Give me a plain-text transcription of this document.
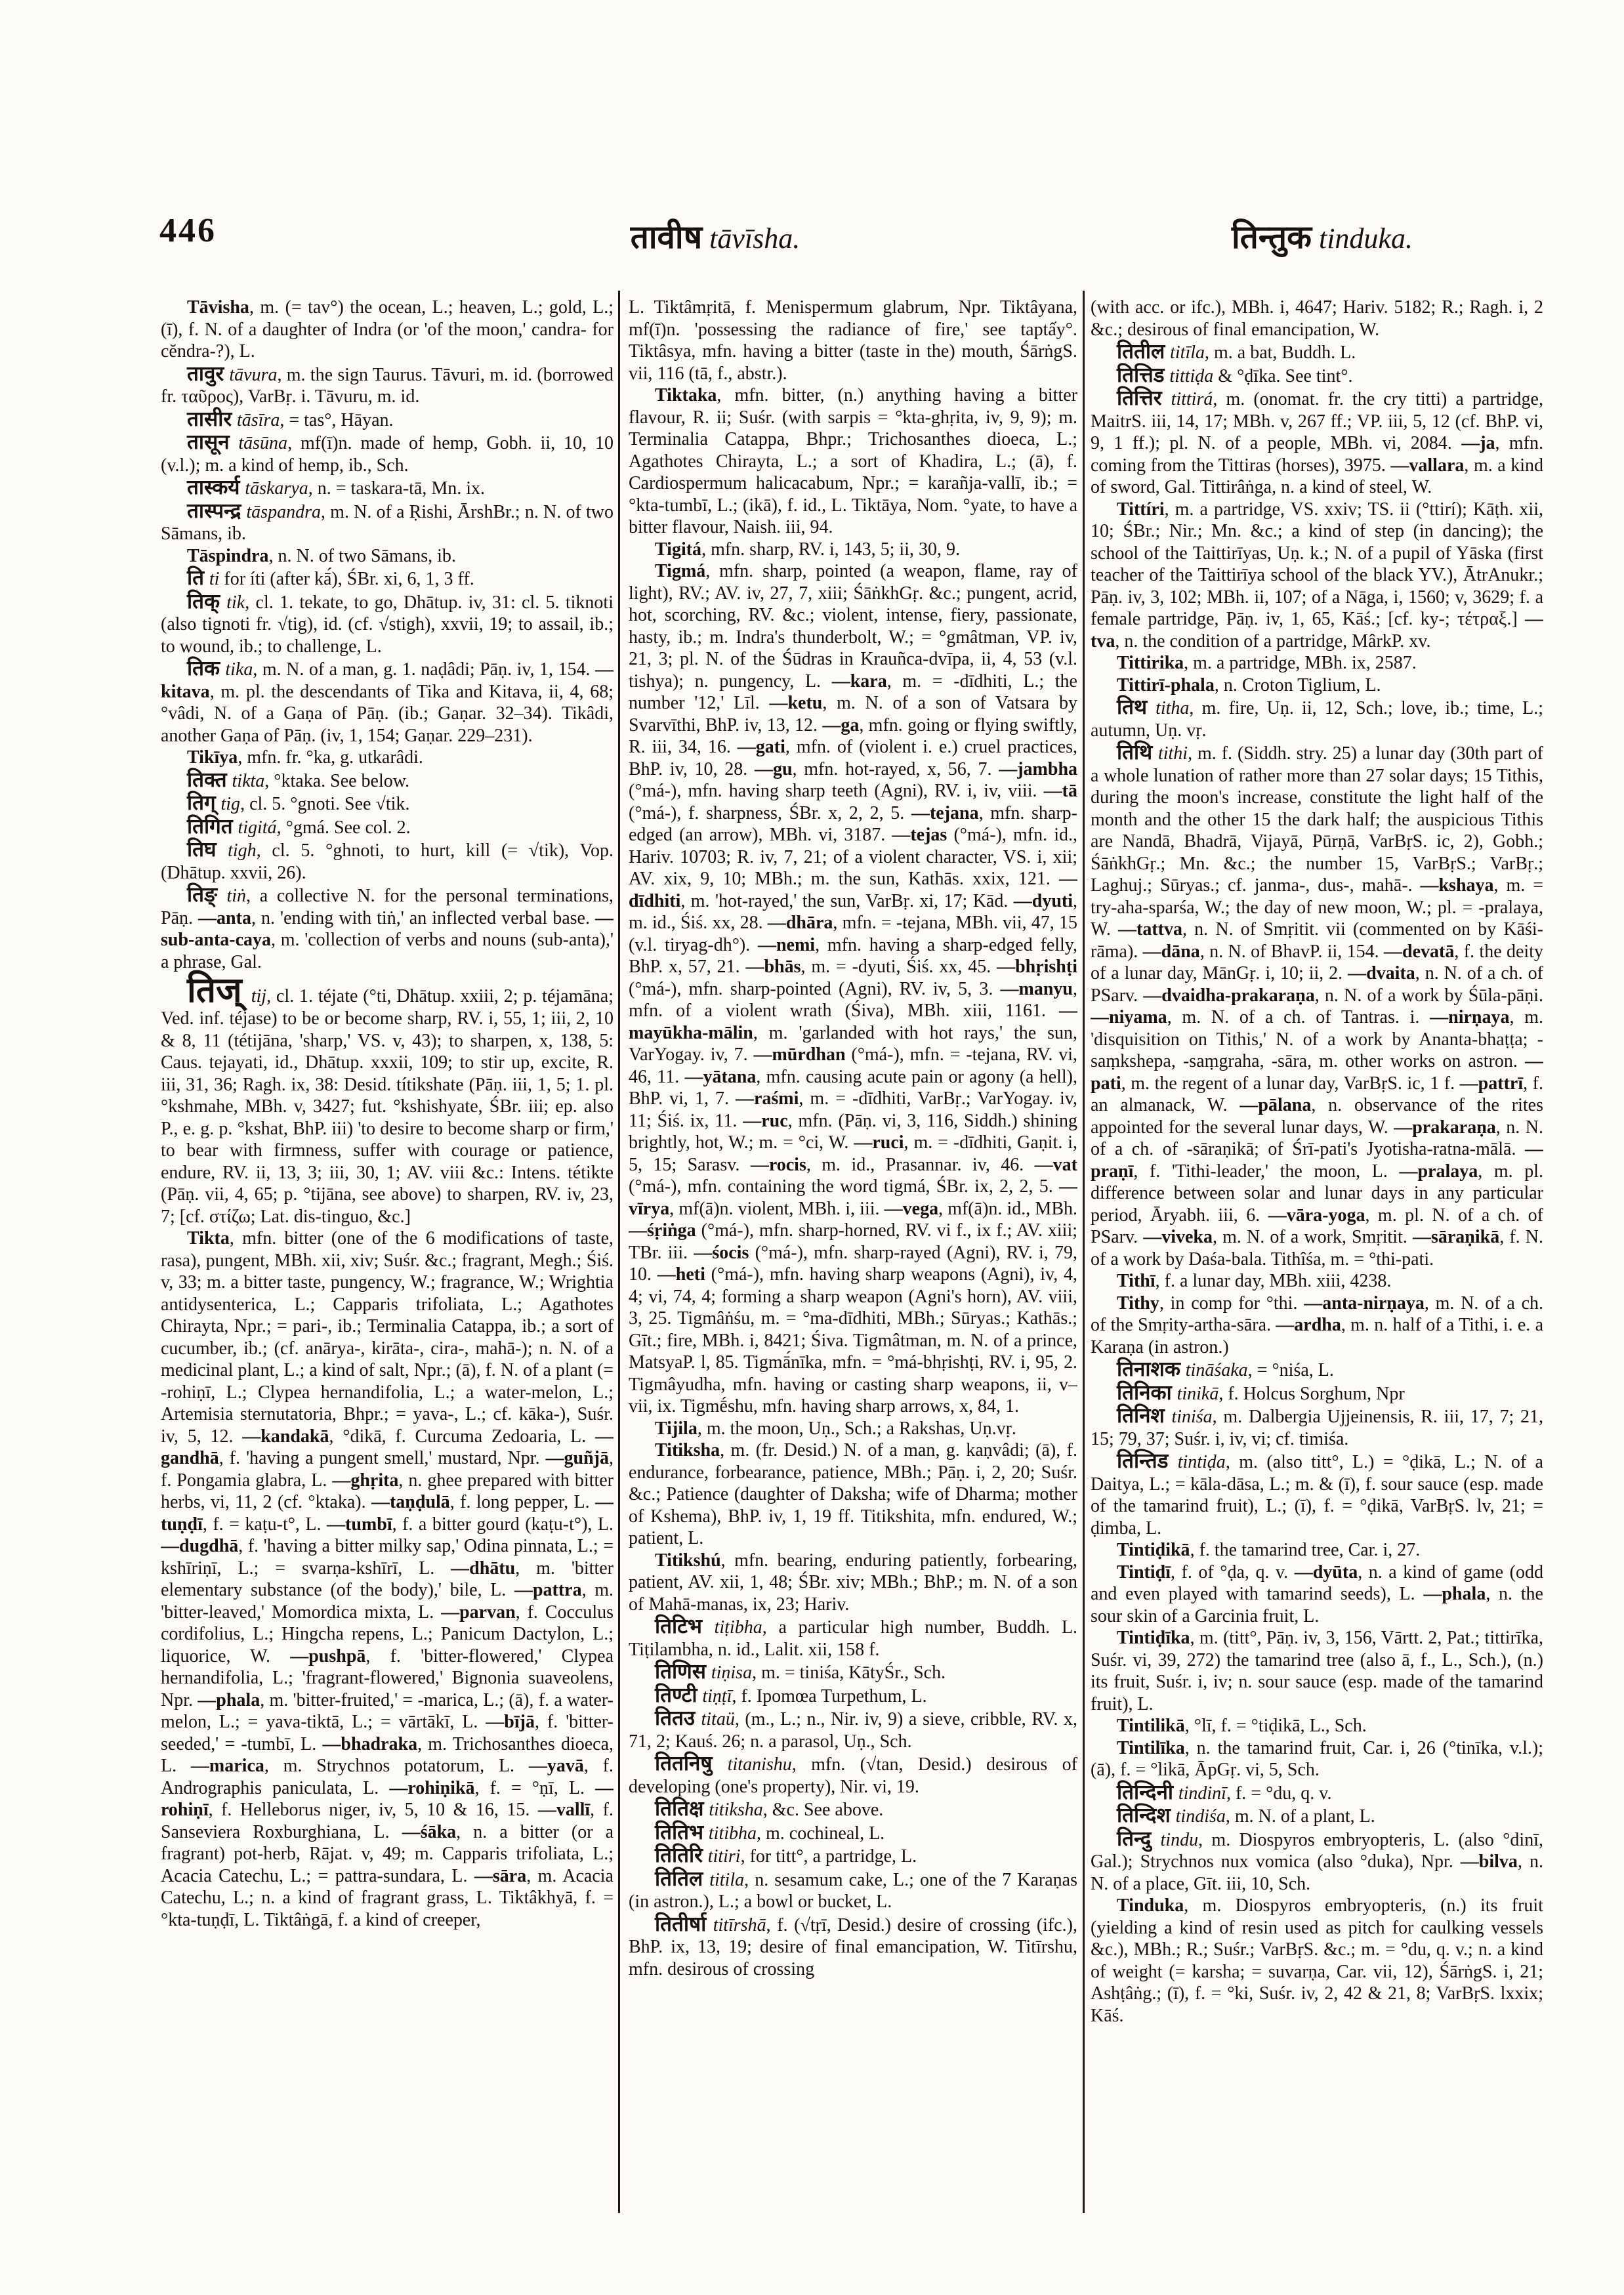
446	तावीष tāvīsha.	तिन्तुक tinduka.

Tāvisha, m. (= tav°) the ocean, L.; heaven, L.; gold, L.; (ī), f. N. of a daughter of Indra (or 'of the moon,' candra- for cĕndra-?), L.

तावुर tāvura, m. the sign Taurus. Tāvuri, m. id. (borrowed fr. ταῦρος), VarBṛ. i. Tāvuru, m. id.

तासीर tāsīra, = tas°, Hāyan.

तासून tāsūna, mf(ī)n. made of hemp, Gobh. ii, 10, 10 (v.l.); m. a kind of hemp, ib., Sch.

तास्कर्य tāskarya, n. = taskara-tā, Mn. ix.

तास्पन्द्र tāspandra, m. N. of a Ṛishi, ĀrshBr.; n. N. of two Sāmans, ib.

Tāspindra, n. N. of two Sāmans, ib.

ति ti for íti (after kā́), ŚBr. xi, 6, 1, 3 ff.

तिक् tik, cl. 1. tekate, to go, Dhātup. iv, 31: cl. 5. tiknoti (also tignoti fr. √tig), id. (cf. √stigh), xxvii, 19; to assail, ib.; to wound, ib.; to challenge, L.

तिक tika, m. N. of a man, g. 1. naḍâdi; Pāṇ. iv, 1, 154. —kitava, m. pl. the descendants of Tika and Kitava, ii, 4, 68; °vâdi, N. of a Gaṇa of Pāṇ. (ib.; Gaṇar. 32–34). Tikâdi, another Gaṇa of Pāṇ. (iv, 1, 154; Gaṇar. 229–231).

Tikīya, mfn. fr. °ka, g. utkarâdi.

तिक्त tikta, °ktaka. See below.

तिग् tig, cl. 5. °gnoti. See √tik.

तिगित tigitá, °gmá. See col. 2.

तिघ tigh, cl. 5. °ghnoti, to hurt, kill (= √tik), Vop. (Dhātup. xxvii, 26).

तिङ् tiṅ, a collective N. for the personal terminations, Pāṇ. —anta, n. 'ending with tiṅ,' an inflected verbal base. —sub-anta-caya, m. 'collection of verbs and nouns (sub-anta),' a phrase, Gal.

तिज् tij, cl. 1. téjate (°ti, Dhātup. xxiii, 2; p. téjamāna; Ved. inf. téjase) to be or become sharp, RV. i, 55, 1; iii, 2, 10 & 8, 11 (tétijāna, 'sharp,' VS. v, 43); to sharpen, x, 138, 5: Caus. tejayati, id., Dhātup. xxxii, 109; to stir up, excite, R. iii, 31, 36; Ragh. ix, 38: Desid. títikshate (Pāṇ. iii, 1, 5; 1. pl. °kshmahe, MBh. v, 3427; fut. °kshishyate, ŚBr. iii; ep. also P., e. g. p. °kshat, BhP. iii) 'to desire to become sharp or firm,' to bear with firmness, suffer with courage or patience, endure, RV. ii, 13, 3; iii, 30, 1; AV. viii &c.: Intens. tétikte (Pāṇ. vii, 4, 65; p. °tijāna, see above) to sharpen, RV. iv, 23, 7; [cf. στίζω; Lat. dis-tinguo, &c.]

Tikta, mfn. bitter (one of the 6 modifications of taste, rasa), pungent, MBh. xii, xiv; Suśr. &c.; fragrant, Megh.; Śiś. v, 33; m. a bitter taste, pungency, W.; fragrance, W.; Wrightia antidysenterica, L.; Capparis trifoliata, L.; Agathotes Chirayta, Npr.; = pari-, ib.; Terminalia Catappa, ib.; a sort of cucumber, ib.; (cf. anārya-, kirāta-, cira-, mahā-); n. N. of a medicinal plant, L.; a kind of salt, Npr.; (ā), f. N. of a plant (= -rohiṇī, L.; Clypea hernandifolia, L.; a water-melon, L.; Artemisia sternutatoria, Bhpr.; = yava-, L.; cf. kāka-), Suśr. iv, 5, 12. —kandakā, °dikā, f. Curcuma Zedoaria, L. —gandhā, f. 'having a pungent smell,' mustard, Npr. —guñjā, f. Pongamia glabra, L. —ghṛita, n. ghee prepared with bitter herbs, vi, 11, 2 (cf. °ktaka). —taṇḍulā, f. long pepper, L. —tuṇḍī, f. = kaṭu-t°, L. —tumbī, f. a bitter gourd (kaṭu-t°), L. —dugdhā, f. 'having a bitter milky sap,' Odina pinnata, L.; = kshīriṇī, L.; = svarṇa-kshīrī, L. —dhātu, m. 'bitter elementary substance (of the body),' bile, L. —pattra, m. 'bitter-leaved,' Momordica mixta, L. —parvan, f. Cocculus cordifolius, L.; Hingcha repens, L.; Panicum Dactylon, L.; liquorice, W. —pushpā, f. 'bitter-flowered,' Clypea hernandifolia, L.; 'fragrant-flowered,' Bignonia suaveolens, Npr. —phala, m. 'bitter-fruited,' = -marica, L.; (ā), f. a water-melon, L.; = yava-tiktā, L.; = vārtākī, L. —bījā, f. 'bitter-seeded,' = -tumbī, L. —bhadraka, m. Trichosanthes dioeca, L. —marica, m. Strychnos potatorum, L. —yavā, f. Andrographis paniculata, L. —rohiṇikā, f. = °ṇī, L. —rohiṇī, f. Helleborus niger, iv, 5, 10 & 16, 15. —vallī, f. Sanseviera Roxburghiana, L. —śāka, n. a bitter (or a fragrant) pot-herb, Rājat. v, 49; m. Capparis trifoliata, L.; Acacia Catechu, L.; = pattra-sundara, L. —sāra, m. Acacia Catechu, L.; n. a kind of fragrant grass, L. Tiktâkhyā, f. = °kta-tuṇḍī, L. Tiktâṅgā, f. a kind of creeper,

L. Tiktâmṛitā, f. Menispermum glabrum, Npr. Tiktâyana, mf(ī)n. 'possessing the radiance of fire,' see taptấy°. Tiktâsya, mfn. having a bitter (taste in the) mouth, ŚārṅgS. vii, 116 (tā, f., abstr.).

Tiktaka, mfn. bitter, (n.) anything having a bitter flavour, R. ii; Suśr. (with sarpis = °kta-ghṛita, iv, 9, 9); m. Terminalia Catappa, Bhpr.; Trichosanthes dioeca, L.; Agathotes Chirayta, L.; a sort of Khadira, L.; (ā), f. Cardiospermum halicacabum, Npr.; = karañja-vallī, ib.; = °kta-tumbī, L.; (ikā), f. id., L. Tiktāya, Nom. °yate, to have a bitter flavour, Naish. iii, 94.

Tigitá, mfn. sharp, RV. i, 143, 5; ii, 30, 9.

Tigmá, mfn. sharp, pointed (a weapon, flame, ray of light), RV.; AV. iv, 27, 7, xiii; ŚāṅkhGṛ. &c.; pungent, acrid, hot, scorching, RV. &c.; violent, intense, fiery, passionate, hasty, ib.; m. Indra's thunderbolt, W.; = °gmâtman, VP. iv, 21, 3; pl. N. of the Śūdras in Krauñca-dvīpa, ii, 4, 53 (v.l. tishya); n. pungency, L. —kara, m. = -dīdhiti, L.; the number '12,' Līl. —ketu, m. N. of a son of Vatsara by Svarvīthi, BhP. iv, 13, 12. —ga, mfn. going or flying swiftly, R. iii, 34, 16. —gati, mfn. of (violent i. e.) cruel practices, BhP. iv, 10, 28. —gu, mfn. hot-rayed, x, 56, 7. —jambha (°má-), mfn. having sharp teeth (Agni), RV. i, iv, viii. —tā (°má-), f. sharpness, ŚBr. x, 2, 2, 5. —tejana, mfn. sharp-edged (an arrow), MBh. vi, 3187. —tejas (°má-), mfn. id., Hariv. 10703; R. iv, 7, 21; of a violent character, VS. i, xii; AV. xix, 9, 10; MBh.; m. the sun, Kathās. xxix, 121. —dīdhiti, m. 'hot-rayed,' the sun, VarBṛ. xi, 17; Kād. —dyuti, m. id., Śiś. xx, 28. —dhāra, mfn. = -tejana, MBh. vii, 47, 15 (v.l. tiryag-dh°). —nemi, mfn. having a sharp-edged felly, BhP. x, 57, 21. —bhās, m. = -dyuti, Śiś. xx, 45. —bhṛishṭi (°má-), mfn. sharp-pointed (Agni), RV. iv, 5, 3. —manyu, mfn. of a violent wrath (Śiva), MBh. xiii, 1161. —mayūkha-mālin, m. 'garlanded with hot rays,' the sun, VarYogay. iv, 7. —mūrdhan (°má-), mfn. = -tejana, RV. vi, 46, 11. —yātana, mfn. causing acute pain or agony (a hell), BhP. vi, 1, 7. —raśmi, m. = -dīdhiti, VarBṛ.; VarYogay. iv, 11; Śiś. ix, 11. —ruc, mfn. (Pāṇ. vi, 3, 116, Siddh.) shining brightly, hot, W.; m. = °ci, W. —ruci, m. = -dīdhiti, Gaṇit. i, 5, 15; Sarasv. —rocis, m. id., Prasannar. iv, 46. —vat (°má-), mfn. containing the word tigmá, ŚBr. ix, 2, 2, 5. —vīrya, mf(ā)n. violent, MBh. i, iii. —vega, mf(ā)n. id., MBh. —śṛiṅga (°má-), mfn. sharp-horned, RV. vi f., ix f.; AV. xiii; TBr. iii. —śocis (°má-), mfn. sharp-rayed (Agni), RV. i, 79, 10. —heti (°má-), mfn. having sharp weapons (Agni), iv, 4, 4; vi, 74, 4; forming a sharp weapon (Agni's horn), AV. viii, 3, 25. Tigmâṅśu, m. = °ma-dīdhiti, MBh.; Sūryas.; Kathās.; Gīt.; fire, MBh. i, 8421; Śiva. Tigmâtman, m. N. of a prince, MatsyaP. l, 85. Tigmā́nīka, mfn. = °má-bhṛishṭi, RV. i, 95, 2. Tigmâyudha, mfn. having or casting sharp weapons, ii, v–vii, ix. Tigmḗshu, mfn. having sharp arrows, x, 84, 1.

Tijila, m. the moon, Uṇ., Sch.; a Rakshas, Uṇ.vṛ.

Titiksha, m. (fr. Desid.) N. of a man, g. kaṇvâdi; (ā), f. endurance, forbearance, patience, MBh.; Pāṇ. i, 2, 20; Suśr. &c.; Patience (daughter of Daksha; wife of Dharma; mother of Kshema), BhP. iv, 1, 19 ff. Titikshita, mfn. endured, W.; patient, L.

Titikshú, mfn. bearing, enduring patiently, forbearing, patient, AV. xii, 1, 48; ŚBr. xiv; MBh.; BhP.; m. N. of a son of Mahā-manas, ix, 23; Hariv.

तिटिभ tiṭibha, a particular high number, Buddh. L. Tiṭilambha, n. id., Lalit. xii, 158 f.

तिणिस tiṇisa, m. = tiniśa, KātyŚr., Sch.

तिण्टी tiṇṭī, f. Ipomœa Turpethum, L.

तितउ titaü, (m., L.; n., Nir. iv, 9) a sieve, cribble, RV. x, 71, 2; Kauś. 26; n. a parasol, Uṇ., Sch.

तितनिषु titanishu, mfn. (√tan, Desid.) desirous of developing (one's property), Nir. vi, 19.

तितिक्ष titiksha, &c. See above.

तितिभ titibha, m. cochineal, L.

तितिरि titiri, for titt°, a partridge, L.

तितिल titila, n. sesamum cake, L.; one of the 7 Karaṇas (in astron.), L.; a bowl or bucket, L.

तितीर्षा titīrshā, f. (√tṛī, Desid.) desire of crossing (ifc.), BhP. ix, 13, 19; desire of final emancipation, W. Titīrshu, mfn. desirous of crossing

(with acc. or ifc.), MBh. i, 4647; Hariv. 5182; R.; Ragh. i, 2 &c.; desirous of final emancipation, W.

तितील titīla, m. a bat, Buddh. L.

तित्तिड tittiḍa & °ḍīka. See tint°.

तित्तिर tittirá, m. (onomat. fr. the cry titti) a partridge, MaitrS. iii, 14, 17; MBh. v, 267 ff.; VP. iii, 5, 12 (cf. BhP. vi, 9, 1 ff.); pl. N. of a people, MBh. vi, 2084. —ja, mfn. coming from the Tittiras (horses), 3975. —vallara, m. a kind of sword, Gal. Tittirâṅga, n. a kind of steel, W.

Tittíri, m. a partridge, VS. xxiv; TS. ii (°ttirí); Kāṭh. xii, 10; ŚBr.; Nir.; Mn. &c.; a kind of step (in dancing); the school of the Taittirīyas, Uṇ. k.; N. of a pupil of Yāska (first teacher of the Taittirīya school of the black YV.), ĀtrAnukr.; Pāṇ. iv, 3, 102; MBh. ii, 107; of a Nāga, i, 1560; v, 3629; f. a female partridge, Pāṇ. iv, 1, 65, Kāś.; [cf. ky-; τέτραξ.] —tva, n. the condition of a partridge, MârkP. xv.

Tittirika, m. a partridge, MBh. ix, 2587.

Tittirī-phala, n. Croton Tiglium, L.

तिथ titha, m. fire, Uṇ. ii, 12, Sch.; love, ib.; time, L.; autumn, Uṇ. vṛ.

तिथि tithi, m. f. (Siddh. stry. 25) a lunar day (30th part of a whole lunation of rather more than 27 solar days; 15 Tithis, during the moon's increase, constitute the light half of the month and the other 15 the dark half; the auspicious Tithis are Nandā, Bhadrā, Vijayā, Pūrṇā, VarBṛS. ic, 2), Gobh.; ŚāṅkhGṛ.; Mn. &c.; the number 15, VarBṛS.; VarBṛ.; Laghuj.; Sūryas.; cf. janma-, dus-, mahā-. —kshaya, m. = try-aha-sparśa, W.; the day of new moon, W.; pl. = -pralaya, W. —tattva, n. N. of Smṛitit. vii (commented on by Kāśi-rāma). —dāna, n. N. of BhavP. ii, 154. —devatā, f. the deity of a lunar day, MānGṛ. i, 10; ii, 2. —dvaita, n. N. of a ch. of PSarv. —dvaidha-prakaraṇa, n. N. of a work by Śūla-pāṇi. —niyama, m. N. of a ch. of Tantras. i. —nirṇaya, m. 'disquisition on Tithis,' N. of a work by Ananta-bhaṭṭa; -saṃkshepa, -saṃgraha, -sāra, m. other works on astron. —pati, m. the regent of a lunar day, VarBṛS. ic, 1 f. —pattrī, f. an almanack, W. —pālana, n. observance of the rites appointed for the several lunar days, W. —prakaraṇa, n. N. of a ch. of -sāraṇikā; of Śrī-pati's Jyotisha-ratna-mālā. —praṇī, f. 'Tithi-leader,' the moon, L. —pralaya, m. pl. difference between solar and lunar days in any particular period, Āryabh. iii, 6. —vāra-yoga, m. pl. N. of a ch. of PSarv. —viveka, m. N. of a work, Smṛitit. —sāraṇikā, f. N. of a work by Daśa-bala. Tithîśa, m. = °thi-pati.

Tithī, f. a lunar day, MBh. xiii, 4238.

Tithy, in comp for °thi. —anta-nirṇaya, m. N. of a ch. of the Smṛity-artha-sāra. —ardha, m. n. half of a Tithi, i. e. a Karaṇa (in astron.)

तिनाशक tināśaka, = °niśa, L.

तिनिका tinikā, f. Holcus Sorghum, Npr

तिनिश tiniśa, m. Dalbergia Ujjeinensis, R. iii, 17, 7; 21, 15; 79, 37; Suśr. i, iv, vi; cf. timiśa.

तिन्तिड tintiḍa, m. (also titt°, L.) = °ḍikā, L.; N. of a Daitya, L.; = kāla-dāsa, L.; m. & (ī), f. sour sauce (esp. made of the tamarind fruit), L.; (ī), f. = °ḍikā, VarBṛS. lv, 21; = ḍimba, L.

Tintiḍikā, f. the tamarind tree, Car. i, 27.

Tintiḍī, f. of °ḍa, q. v. —dyūta, n. a kind of game (odd and even played with tamarind seeds), L. —phala, n. the sour skin of a Garcinia fruit, L.

Tintiḍīka, m. (titt°, Pāṇ. iv, 3, 156, Vārtt. 2, Pat.; tittirīka, Suśr. vi, 39, 272) the tamarind tree (also ā, f., L., Sch.), (n.) its fruit, Suśr. i, iv; n. sour sauce (esp. made of the tamarind fruit), L.

Tintilikā, °lī, f. = °tiḍikā, L., Sch.

Tintilīka, n. the tamarind fruit, Car. i, 26 (°tinīka, v.l.); (ā), f. = °likā, ĀpGṛ. vi, 5, Sch.

तिन्दिनी tindinī, f. = °du, q. v.

तिन्दिश tindiśa, m. N. of a plant, L.

तिन्दु tindu, m. Diospyros embryopteris, L. (also °dinī, Gal.); Strychnos nux vomica (also °duka), Npr. —bilva, n. N. of a place, Gīt. iii, 10, Sch.

Tinduka, m. Diospyros embryopteris, (n.) its fruit (yielding a kind of resin used as pitch for caulking vessels &c.), MBh.; R.; Suśr.; VarBṛS. &c.; m. = °du, q. v.; n. a kind of weight (= karsha; = suvarṇa, Car. vii, 12), ŚārṅgS. i, 21; Ashṭâṅg.; (ī), f. = °ki, Suśr. iv, 2, 42 & 21, 8; VarBṛS. lxxix; Kāś.
